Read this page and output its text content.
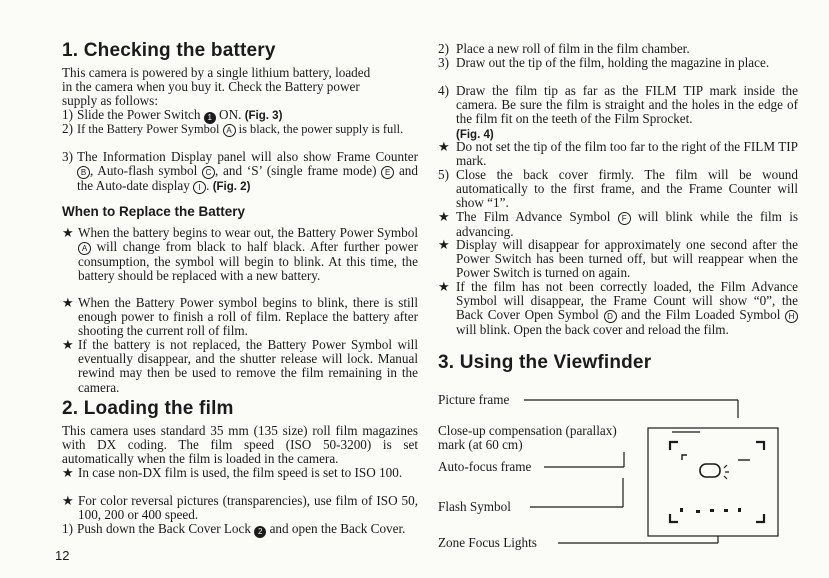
1. Checking the battery
This camera is powered by a single lithium battery, loaded
in the camera when you buy it. Check the Battery power
supply as follows:
1) Slide the Power Switch 1 ON. (Fig. 3)
2) If the Battery Power Symbol A is black, the power supply is full.
3) The Information Display panel will also show Frame Counter B , Auto-flash symbol C , and ‘S’ (single frame mode) E and the Auto-date display I . (Fig. 2)
When to Replace the Battery
★ When the battery begins to wear out, the Battery Power Symbol A will change from black to half black. After further power consumption, the symbol will begin to blink. At this time, the battery should be replaced with a new battery.
★ When the Battery Power symbol begins to blink, there is still enough power to finish a roll of film. Replace the battery after shooting the current roll of film.
★ If the battery is not replaced, the Battery Power Symbol will eventually disappear, and the shutter release will lock. Manual rewind may then be used to remove the film remaining in the camera.
2. Loading the film
This camera uses standard 35 mm (135 size) roll film magazines with DX coding. The film speed (ISO 50-3200) is set automatically when the film is loaded in the camera.
★ In case non-DX film is used, the film speed is set to ISO 100.
★ For color reversal pictures (transparencies), use film of ISO 50, 100, 200 or 400 speed.
1) Push down the Back Cover Lock 2 and open the Back Cover.
12
2) Place a new roll of film in the film chamber.
3) Draw out the tip of the film, holding the magazine in place.
4) Draw the film tip as far as the FILM TIP mark inside the camera. Be sure the film is straight and the holes in the edge of the film fit on the teeth of the Film Sprocket.
(Fig. 4)
★ Do not set the tip of the film too far to the right of the FILM TIP mark.
5) Close the back cover firmly. The film will be wound automatically to the first frame, and the Frame Counter will show “1”.
★ The Film Advance Symbol F will blink while the film is advancing.
★ Display will disappear for approximately one second after the Power Switch has been turned off, but will reappear when the Power Switch is turned on again.
★ If the film has not been correctly loaded, the Film Advance Symbol will disappear, the Frame Count will show “0”, the Back Cover Open Symbol D and the Film Loaded Symbol H will blink. Open the back cover and reload the film.
3. Using the Viewfinder
Picture frame
Close-up compensation (parallax)
mark (at 60 cm)
Auto-focus frame
Flash Symbol
Zone Focus Lights
